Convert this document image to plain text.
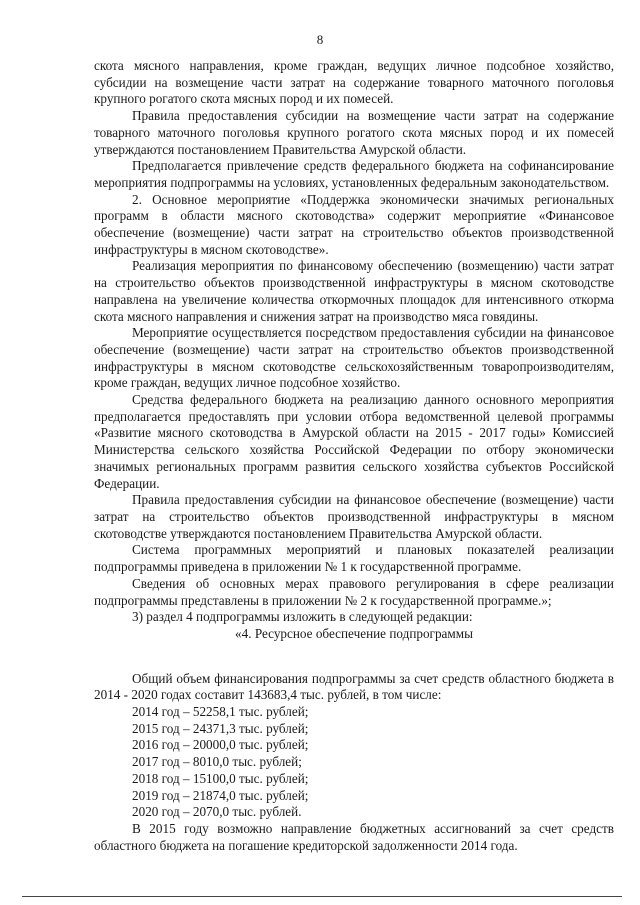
8

скота мясного направления, кроме граждан, ведущих личное подсобное хозяйство, субсидии на возмещение части затрат на содержание товарного маточного поголовья крупного рогатого скота мясных пород и их помесей.

Правила предоставления субсидии на возмещение части затрат на содержание товарного маточного поголовья крупного рогатого скота мясных пород и их помесей утверждаются постановлением Правительства Амурской области.

Предполагается привлечение средств федерального бюджета на софинансирование мероприятия подпрограммы на условиях, установленных федеральным законодательством.

2. Основное мероприятие «Поддержка экономически значимых региональных программ в области мясного скотоводства» содержит мероприятие «Финансовое обеспечение (возмещение) части затрат на строительство объектов производственной инфраструктуры в мясном скотоводстве».

Реализация мероприятия по финансовому обеспечению (возмещению) части затрат на строительство объектов производственной инфраструктуры в мясном скотоводстве направлена на увеличение количества откормочных площадок для интенсивного откорма скота мясного направления и снижения затрат на производство мяса говядины.

Мероприятие осуществляется посредством предоставления субсидии на финансовое обеспечение (возмещение) части затрат на строительство объектов производственной инфраструктуры в мясном скотоводстве сельскохозяйственным товаропроизводителям, кроме граждан, ведущих личное подсобное хозяйство.

Средства федерального бюджета на реализацию данного основного мероприятия предполагается предоставлять при условии отбора ведомственной целевой программы «Развитие мясного скотоводства в Амурской области на 2015 - 2017 годы» Комиссией Министерства сельского хозяйства Российской Федерации по отбору экономически значимых региональных программ развития сельского хозяйства субъектов Российской Федерации.

Правила предоставления субсидии на финансовое обеспечение (возмещение) части затрат на строительство объектов производственной инфраструктуры в мясном скотоводстве утверждаются постановлением Правительства Амурской области.

Система программных мероприятий и плановых показателей реализации подпрограммы приведена в приложении № 1 к государственной программе.

Сведения об основных мерах правового регулирования в сфере реализации подпрограммы представлены в приложении № 2 к государственной программе.»;

3) раздел 4 подпрограммы изложить в следующей редакции:

«4. Ресурсное обеспечение подпрограммы

Общий объем финансирования подпрограммы за счет средств областного бюджета в 2014 - 2020 годах составит 143683,4 тыс. рублей, в том числе:

2014 год – 52258,1 тыс. рублей;
2015 год – 24371,3 тыс. рублей;
2016 год – 20000,0 тыс. рублей;
2017 год – 8010,0 тыс. рублей;
2018 год – 15100,0 тыс. рублей;
2019 год – 21874,0 тыс. рублей;
2020 год – 2070,0 тыс. рублей.

В 2015 году возможно направление бюджетных ассигнований за счет средств областного бюджета на погашение кредиторской задолженности 2014 года.
